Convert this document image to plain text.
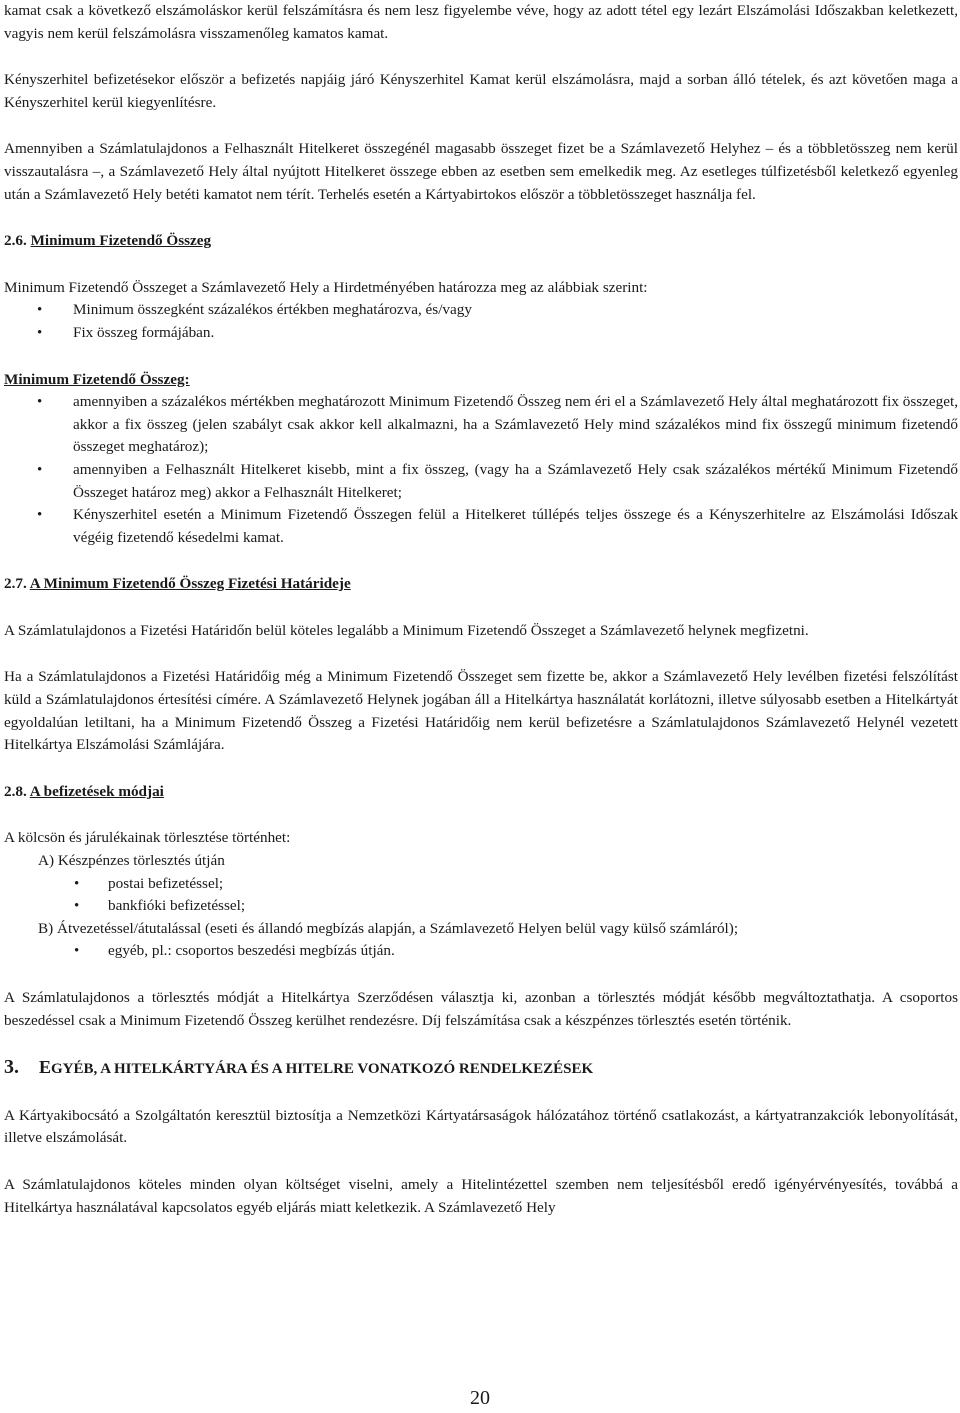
kamat csak a következő elszámoláskor kerül felszámításra és nem lesz figyelembe véve, hogy az adott tétel egy lezárt Elszámolási Időszakban keletkezett, vagyis nem kerül felszámolásra visszamenőleg kamatos kamat.

Kényszerhitel befizetésekor először a befizetés napjáig járó Kényszerhitel Kamat kerül elszámolásra, majd a sorban álló tételek, és azt követően maga a Kényszerhitel kerül kiegyenlítésre.

Amennyiben a Számlatulajdonos a Felhasznált Hitelkeret összegénél magasabb összeget fizet be a Számlavezető Helyhez – és a többletösszeg nem kerül visszautalásra –, a Számlavezető Hely által nyújtott Hitelkeret összege ebben az esetben sem emelkedik meg. Az esetleges túlfizetésből keletkező egyenleg után a Számlavezető Hely betéti kamatot nem térít. Terhelés esetén a Kártyabirtokos először a többletösszeget használja fel.

2.6. Minimum Fizetendő Összeg

Minimum Fizetendő Összeget a Számlavezető Hely a Hirdetményében határozza meg az alábbiak szerint:

• Minimum összegként százalékos értékben meghatározva, és/vagy
• Fix összeg formájában.

Minimum Fizetendő Összeg:

• amennyiben a százalékos mértékben meghatározott Minimum Fizetendő Összeg nem éri el a Számlavezető Hely által meghatározott fix összeget, akkor a fix összeg (jelen szabályt csak akkor kell alkalmazni, ha a Számlavezető Hely mind százalékos mind fix összegű minimum fizetendő összeget meghatároz);
• amennyiben a Felhasznált Hitelkeret kisebb, mint a fix összeg, (vagy ha a Számlavezető Hely csak százalékos mértékű Minimum Fizetendő Összeget határoz meg) akkor a Felhasznált Hitelkeret;
• Kényszerhitel esetén a Minimum Fizetendő Összegen felül a Hitelkeret túllépés teljes összege és a Kényszerhitelre az Elszámolási Időszak végéig fizetendő késedelmi kamat.

2.7. A Minimum Fizetendő Összeg Fizetési Határideje

A Számlatulajdonos a Fizetési Határidőn belül köteles legalább a Minimum Fizetendő Összeget a Számlavezető helynek megfizetni.

Ha a Számlatulajdonos a Fizetési Határidőig még a Minimum Fizetendő Összeget sem fizette be, akkor a Számlavezető Hely levélben fizetési felszólítást küld a Számlatulajdonos értesítési címére. A Számlavezető Helynek jogában áll a Hitelkártya használatát korlátozni, illetve súlyosabb esetben a Hitelkártyát egyoldalúan letiltani, ha a Minimum Fizetendő Összeg a Fizetési Határidőig nem kerül befizetésre a Számlatulajdonos Számlavezető Helynél vezetett Hitelkártya Elszámolási Számlájára.

2.8. A befizetések módjai

A kölcsön és járulékainak törlesztése történhet:

A) Készpénzes törlesztés útján

• postai befizetéssel;
• bankfióki befizetéssel;

B) Átvezetéssel/átutalással (eseti és állandó megbízás alapján, a Számlavezető Helyen belül vagy külső számláról);

• egyéb, pl.: csoportos beszedési megbízás útján.

A Számlatulajdonos a törlesztés módját a Hitelkártya Szerződésen választja ki, azonban a törlesztés módját később megváltoztathatja. A csoportos beszedéssel csak a Minimum Fizetendő Összeg kerülhet rendezésre. Díj felszámítása csak a készpénzes törlesztés esetén történik.

3. EGYÉB, A HITELKÁRTYÁRA ÉS A HITELRE VONATKOZÓ RENDELKEZÉSEK

A Kártyakibocsátó a Szolgáltatón keresztül biztosítja a Nemzetközi Kártyatársaságok hálózatához történő csatlakozást, a kártyatranzakciók lebonyolítását, illetve elszámolását.

A Számlatulajdonos köteles minden olyan költséget viselni, amely a Hitelintézettel szemben nem teljesítésből eredő igényérvényesítés, továbbá a Hitelkártya használatával kapcsolatos egyéb eljárás miatt keletkezik. A Számlavezető Hely

20
